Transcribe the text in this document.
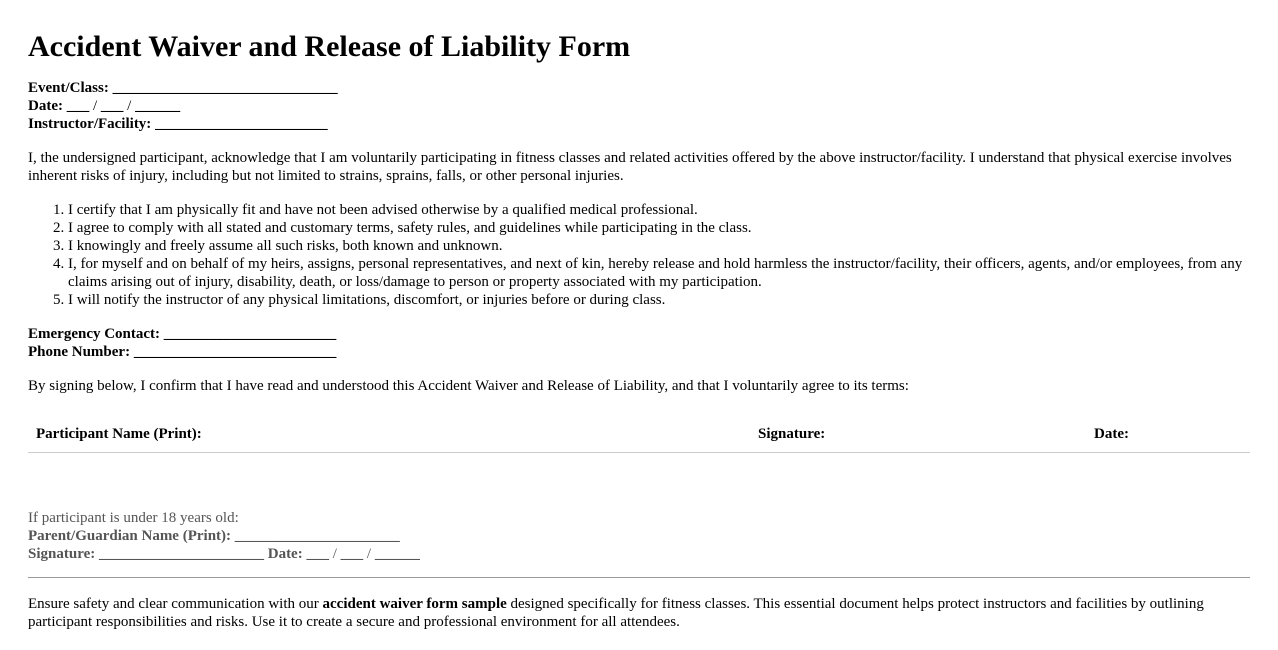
Accident Waiver and Release of Liability Form
Event/Class: ______________________________
Date: ___ / ___ / ______
Instructor/Facility: _______________________

I, the undersigned participant, acknowledge that I am voluntarily participating in fitness classes and related activities offered by the above instructor/facility. I understand that physical exercise involves inherent risks of injury, including but not limited to strains, sprains, falls, or other personal injuries.

1. I certify that I am physically fit and have not been advised otherwise by a qualified medical professional.
2. I agree to comply with all stated and customary terms, safety rules, and guidelines while participating in the class.
3. I knowingly and freely assume all such risks, both known and unknown.
4. I, for myself and on behalf of my heirs, assigns, personal representatives, and next of kin, hereby release and hold harmless the instructor/facility, their officers, agents, and/or employees, from any claims arising out of injury, disability, death, or loss/damage to person or property associated with my participation.
5. I will notify the instructor of any physical limitations, discomfort, or injuries before or during class.
Emergency Contact: _______________________
Phone Number: ___________________________

By signing below, I confirm that I have read and understood this Accident Waiver and Release of Liability, and that I voluntarily agree to its terms:

Participant Name (Print):	Signature:	Date:
If participant is under 18 years old:
Parent/Guardian Name (Print): ______________________
Signature: ______________________ Date: ___ / ___ / ______

Ensure safety and clear communication with our accident waiver form sample designed specifically for fitness classes. This essential document helps protect instructors and facilities by outlining participant responsibilities and risks. Use it to create a secure and professional environment for all attendees.
